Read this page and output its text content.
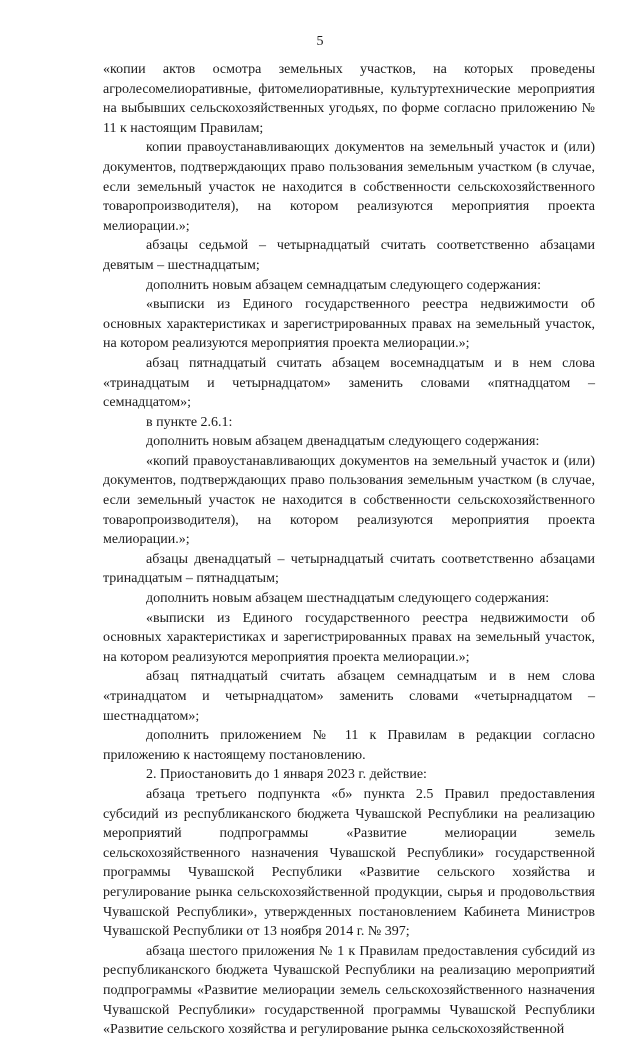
5

«копии актов осмотра земельных участков, на которых проведены агролесомелиоративные, фитомелиоративные, культуртехнические мероприятия на выбывших сельскохозяйственных угодьях, по форме согласно приложению № 11 к настоящим Правилам;

копии правоустанавливающих документов на земельный участок и (или) документов, подтверждающих право пользования земельным участком (в случае, если земельный участок не находится в собственности сельскохозяйственного товаропроизводителя), на котором реализуются мероприятия проекта мелиорации.»;

абзацы седьмой – четырнадцатый считать соответственно абзацами девятым – шестнадцатым;

дополнить новым абзацем семнадцатым следующего содержания:

«выписки из Единого государственного реестра недвижимости об основных характеристиках и зарегистрированных правах на земельный участок, на котором реализуются мероприятия проекта мелиорации.»;

абзац пятнадцатый считать абзацем восемнадцатым и в нем слова «тринадцатым и четырнадцатом» заменить словами «пятнадцатом – семнадцатом»;

в пункте 2.6.1:

дополнить новым абзацем двенадцатым следующего содержания:

«копий правоустанавливающих документов на земельный участок и (или) документов, подтверждающих право пользования земельным участком (в случае, если земельный участок не находится в собственности сельскохозяйственного товаропроизводителя), на котором реализуются мероприятия проекта мелиорации.»;

абзацы двенадцатый – четырнадцатый считать соответственно абзацами тринадцатым – пятнадцатым;

дополнить новым абзацем шестнадцатым следующего содержания:

«выписки из Единого государственного реестра недвижимости об основных характеристиках и зарегистрированных правах на земельный участок, на котором реализуются мероприятия проекта мелиорации.»;

абзац пятнадцатый считать абзацем семнадцатым и в нем слова «тринадцатом и четырнадцатом» заменить словами «четырнадцатом – шестнадцатом»;

дополнить приложением № 11 к Правилам в редакции согласно приложению к настоящему постановлению.

2. Приостановить до 1 января 2023 г. действие:

абзаца третьего подпункта «б» пункта 2.5 Правил предоставления субсидий из республиканского бюджета Чувашской Республики на реализацию мероприятий подпрограммы «Развитие мелиорации земель сельскохозяйственного назначения Чувашской Республики» государственной программы Чувашской Республики «Развитие сельского хозяйства и регулирование рынка сельскохозяйственной продукции, сырья и продовольствия Чувашской Республики», утвержденных постановлением Кабинета Министров Чувашской Республики от 13 ноября 2014 г. № 397;

абзаца шестого приложения № 1 к Правилам предоставления субсидий из республиканского бюджета Чувашской Республики на реализацию мероприятий подпрограммы «Развитие мелиорации земель сельскохозяйственного назначения Чувашской Республики» государственной программы Чувашской Республики «Развитие сельского хозяйства и регулирование рынка сельскохозяйственной
